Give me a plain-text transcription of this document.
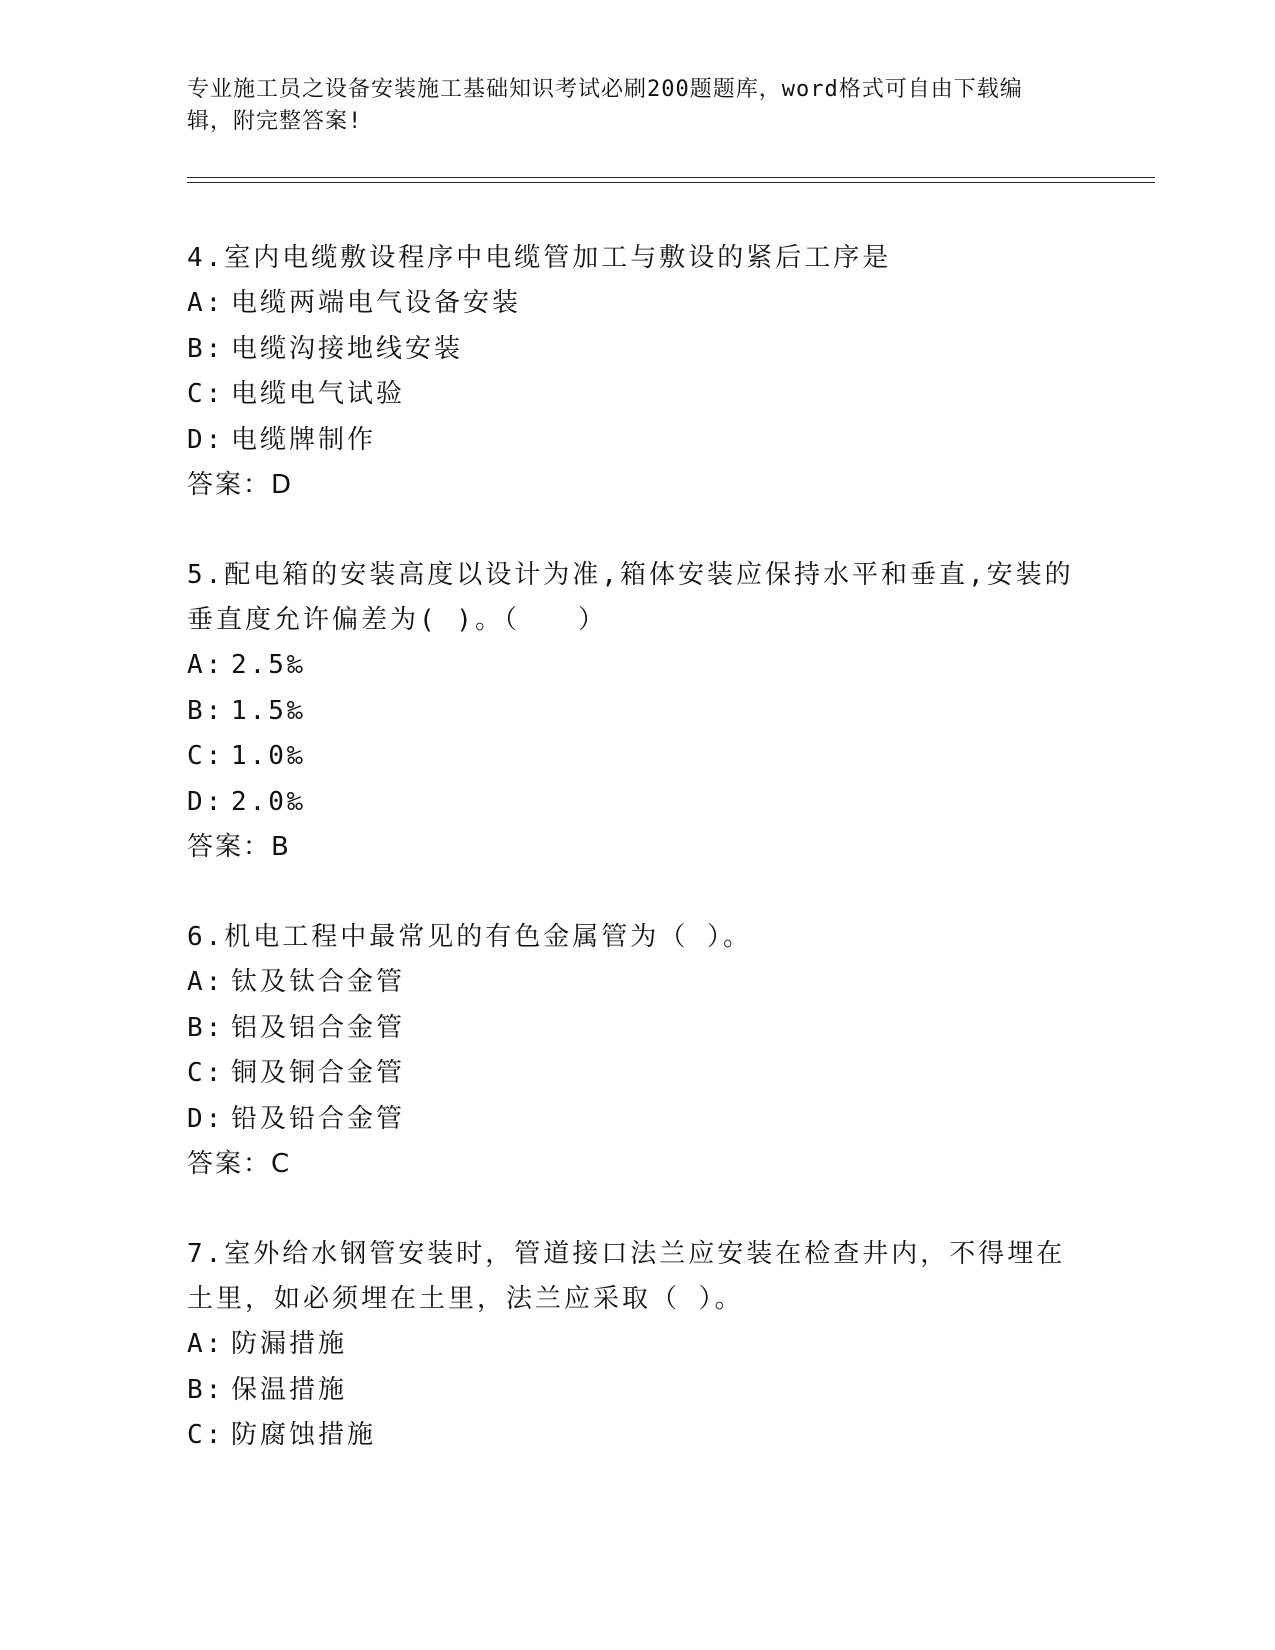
专业施工员之设备安装施工基础知识考试必刷200题题库，word格式可自由下载编辑，附完整答案!
4.室内电缆敷设程序中电缆管加工与敷设的紧后工序是
A: 电缆两端电气设备安装
B: 电缆沟接地线安装
C: 电缆电气试验
D: 电缆牌制作
答案：D
5.配电箱的安装高度以设计为准,箱体安装应保持水平和垂直,安装的垂直度允许偏差为( )。（　　）
A: 2.5‰
B: 1.5‰
C: 1.0‰
D: 2.0‰
答案：B
6.机电工程中最常见的有色金属管为（ ）。
A: 钛及钛合金管
B: 铝及铝合金管
C: 铜及铜合金管
D: 铅及铅合金管
答案：C
7.室外给水钢管安装时，管道接口法兰应安装在检查井内，不得埋在土里，如必须埋在土里，法兰应采取（ ）。
A: 防漏措施
B: 保温措施
C: 防腐蚀措施
